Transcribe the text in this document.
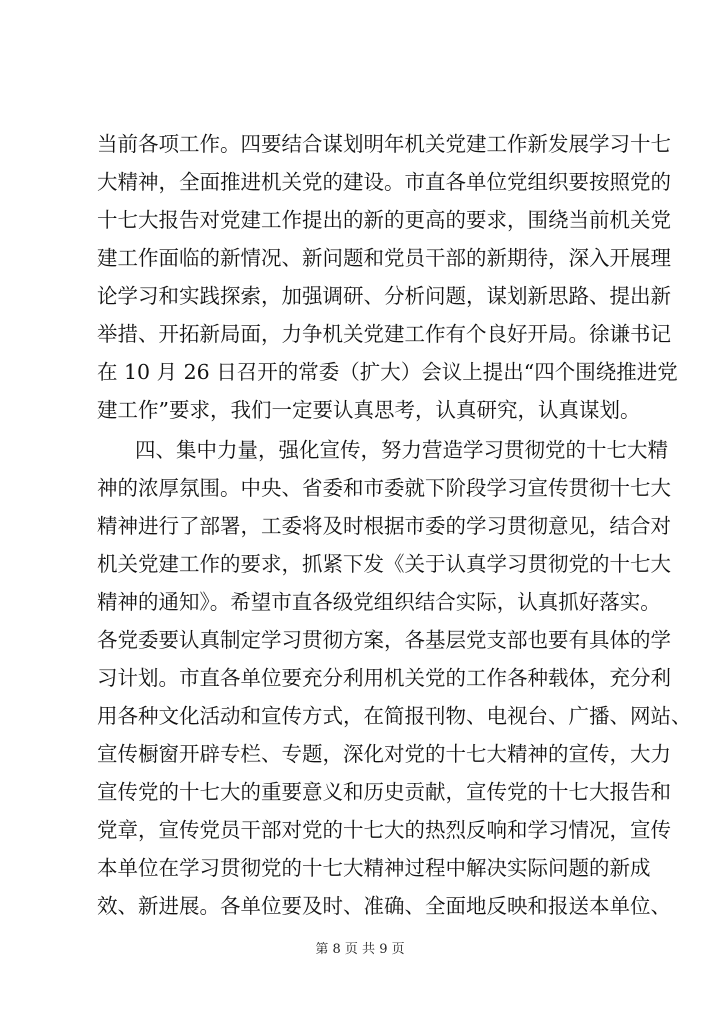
当前各项工作。四要结合谋划明年机关党建工作新发展学习十七
大精神，全面推进机关党的建设。市直各单位党组织要按照党的
十七大报告对党建工作提出的新的更高的要求，围绕当前机关党
建工作面临的新情况、新问题和党员干部的新期待，深入开展理
论学习和实践探索，加强调研、分析问题，谋划新思路、提出新
举措、开拓新局面，力争机关党建工作有个良好开局。徐谦书记
在 10 月 26 日召开的常委（扩大）会议上提出“四个围绕推进党
建工作”要求，我们一定要认真思考，认真研究，认真谋划。
四、集中力量，强化宣传，努力营造学习贯彻党的十七大精
神的浓厚氛围。中央、省委和市委就下阶段学习宣传贯彻十七大
精神进行了部署，工委将及时根据市委的学习贯彻意见，结合对
机关党建工作的要求，抓紧下发《关于认真学习贯彻党的十七大
精神的通知》。希望市直各级党组织结合实际，认真抓好落实。
各党委要认真制定学习贯彻方案，各基层党支部也要有具体的学
习计划。市直各单位要充分利用机关党的工作各种载体，充分利
用各种文化活动和宣传方式，在简报刊物、电视台、广播、网站、
宣传橱窗开辟专栏、专题，深化对党的十七大精神的宣传，大力
宣传党的十七大的重要意义和历史贡献，宣传党的十七大报告和
党章，宣传党员干部对党的十七大的热烈反响和学习情况，宣传
本单位在学习贯彻党的十七大精神过程中解决实际问题的新成
第 8 页 共 9 页
效、新进展。各单位要及时、准确、全面地反映和报送本单位、
